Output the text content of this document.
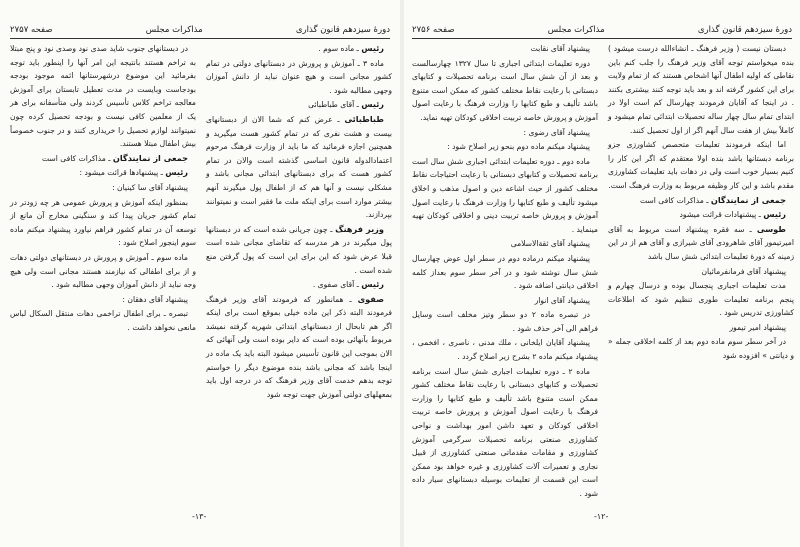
دورهٔ سیزدهم قانون گذاری
مذاکرات مجلس
صفحه ۲۷۵۷

رئیس ـ ماده سوم .

ماده ۳ ـ آموزش و پرورش در دبستانهای دولتی در تمام کشور مجانی است و هیچ عنوان نباید از دانش آموزان وجهی مطالبه شود .

رئیس ـ آقای طباطبائی

طباطبائی ـ عرض کنم که شما الان از دبستانهای بیست و هشت نفری که در تمام کشور هست میگیرید و همچنین اجازه فرمائید که ما باید از وزارت فرهنگ مرحوم اعتمادالدوله قانون اساسی گذشته است والان در تمام کشور هست که برای دبستانهای ابتدائی مجانی باشد و مشکلی نیست و آنها هم که از اطفال پول میگیرند آنهم بیشتر موارد است برای اینکه ملت ما فقیر است و نمیتوانند بپردازند.

وزیر فرهنگ ـ چون جریانی شده است که در دبستانها پول میگیرند در هر مدرسه که تقاضای مجانی شده است قبلا عرض شود که این برای این است که پول گرفتن منع شده است .

رئیس ـ آقای صفوی .

صفوی ـ همانطور که فرمودند آقای وزیر فرهنگ فرمودند البته ذکر این ماده خیلی بموقع است برای اینکه اگر هم تابحال از دبستانهای ابتدائی شهریه گرفته نمیشد مربوط بآنهائی بوده است که دایر بوده است ولی آنهائی که الان بموجب این قانون تأسیس میشود البته باید یک ماده در اینجا باشد که مجانی باشد بنده موضوع دیگر را خواستم توجه بدهم خدمت آقای وزیر فرهنگ که در درجه اول باید بمعهلهای دولتی آموزش جهت توجه شود

در دبستانهای جنوب شاید صدی نود وصدی نود و پنج مبتلا به تراخم هستند بانتیجه این امر آنها را اینطور باید توجه بفرمائید این موضوع درشهرستانها ائمه موجود بودجه بودجاست وبایست در مدت تعطیل تابستان برای آموزش معالجه تراخم کلاس تأسیس کردند ولی متأسفانه برای هر یک از معلمین کافی نیست و بودجه تحصیل کرده چون نمیتوانند لوازم تحصیل را خریداری کنند و در جنوب خصوصاً بیش اطفال مبتلا هستند.

جمعی از نمایندگان ـ مذاکرات کافی است

رئیس ـ پیشنهادها قرائت میشود :

پیشنهاد آقای سا کینیان :

بمنظور اینکه آموزش و پرورش عمومی هر چه زودتر در تمام کشور جریان پیدا کند و سنگینی مخارج آن مانع از توسعه آن در تمام کشور فراهم نیاورد پیشنهاد میکنم ماده سوم اینجور اصلاح شود :

ماده سوم ـ آموزش و پرورش در دبستانهای دولتی دهات و از برای اطفالی که نیازمند هستند مجانی است ولی هیچ وجه نباید از دانش آموزان وجهی مطالبه شود .

پیشنهاد آقای دهقان :

تبصره ـ برای اطفال تراخمی دهات منتقل السکال لباس مانعی نخواهد داشت .

-۱۳-
دورهٔ سیزدهم قانون گذاری
مذاکرات مجلس
صفحه ۲۷۵۶

دبستان نیست ( وزیر فرهنگ ـ انشاءالله درست میشود ) بنده میخواستم توجه آقای وزیر فرهنگ را جلب کنم باین نقاطی که اولیه اطفال آنها اشخاص هستند که از تمام ولایت برای این کشور گرفته اند و بعد باید توجه کنند بیشتری بکنند . در اینجا که آقایان فرمودند چهارسال کم است اولا در ابتدای تمام سال چهار ساله تحصیلات ابتدائی تمام میشود و کاملاً بیش از هفت سال آنهم اگر از اول تحصیل کنند.

اما اینکه فرمودند تعلیمات متحصص کشاورزی جزو برنامه دبستانها باشد بنده اولا معتقدم که اگر این کار را کنیم بسیار خوب است ولی در دهات باید تعلیمات کشاورزی مقدم باشد و این کار وظیفه مربوط به وزارت فرهنگ است.

جمعی از نمایندگان ـ مذاکرات کافی است

رئیس ـ پیشنهادات قرائت میشود

طوسی ـ سه فقره پیشنهاد است مربوط به آقای امیرتیمور آقای شاهرودی آقای شیرازی و آقای هم از در این زمینه که دورهٔ تعلیمات ابتدائی شش سال باشد

پیشنهاد آقای فرمانفرمائیان

مدت تعلیمات اجباری پنجسال بوده و درسال چهارم و پنجم برنامه تعلیمات طوری تنظیم شود که اطلاعات کشاورزی تدریس شود .

پیشنهاد امیر تیمور

در آخر سطر سوم ماده دوم بعد از کلمه اخلاقی جمله « و دیانتی » افزوده شود

پیشنهاد آقای نقابت

دوره تعلیمات ابتدائی اجباری تا سال ۱۳۲۷ چهارسالست و بعد از آن شش سال است برنامه تحصیلات و کتابهای دبستانی با رعایت نقاط مختلف کشور که ممکن است متنوع باشد تألیف و طبع کتابها را وزارت فرهنگ با رعایت اصول آموزش و پرورش خاصه تربیت اخلاقی کودکان تهیه نماید.

پیشنهاد آقای رضوی :

پیشنهاد میکنم ماده دوم بنحو زیر اصلاح شود :

ماده دوم ـ دوره تعلیمات ابتدائی اجباری شش سال است برنامه تحصیلات و کتابهای دبستانی با رعایت احتیاجات نقاط مختلف کشور از حیث اشاعه دین و اصول مذهب و اخلاق میشود تألیف و طبع کتابها را وزارت فرهنگ با رعایت اصول آموزش و پرورش خاصه تربیت دینی و اخلاقی کودکان تهیه مینماید .

پیشنهاد آقای ثقةالاسلامی

پیشنهاد میکنم درماده دوم در سطر اول عوض چهارسال شش سال نوشته شود و در آخر سطر سوم بعداز کلمه اخلاقی دیانتی اضافه شود .

پیشنهاد آقای انوار

در تبصره ماده ۲ دو سطر وتیز مخلف است وسایل فراهم الی آخر حذف شود .

پیشنهاد آقایان ایلخانی ، ملك مدنی ، ناصری ، افخمی ، پیشنهاد میکنم ماده ۲ بشرح زیر اصلاح گردد .

ماده ۲ ـ دوره تعلیمات اجباری شش سال است برنامه تحصیلات و کتابهای دبستانی با رعایت نقاط مختلف کشور ممکن است متنوع باشد تألیف و طبع کتابها را وزارت فرهنگ با رعایت اصول آموزش و پرورش خاصه تربیت اخلاقی کودکان و تعهد داشن امور بهداشت و نواحی کشاورزی صنعتی برنامه تحصیلات سرگرمی آموزش کشاورزی و مقامات مقدماتی صنعتی کشاورزی از قبیل نجاری و تعمیرات آلات کشاورزی و غیره خواهد بود ممکن است این قسمت از تعلیمات بوسیله دبستانهای سیار داده شود .

-۱۲-
